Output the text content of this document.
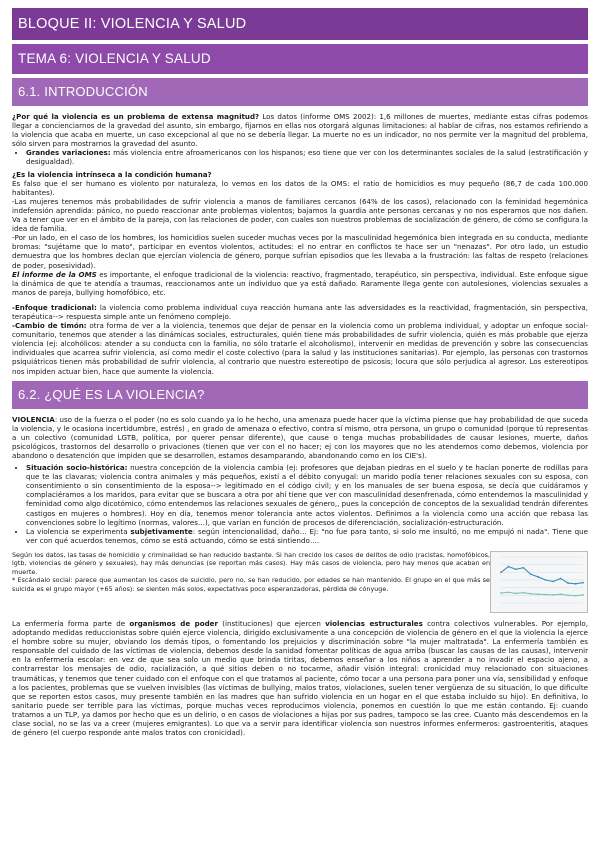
BLOQUE II: VIOLENCIA Y SALUD
TEMA 6: VIOLENCIA Y SALUD
6.1. INTRODUCCIÓN

¿Por qué la violencia es un problema de extensa magnitud? Los datos (informe OMS 2002): 1,6 millones de muertes, mediante estas cifras podemos llegar a concienciarnos de la gravedad del asunto, sin embargo, fijarnos en ellas nos otorgará algunas limitaciones: al hablar de cifras, nos estamos refiriendo a la violencia que acaba en muerte, un caso excepcional al que no se debería llegar. La muerte no es un indicador, no nos permite ver la magnitud del problema, sólo sirven para mostrarnos la gravedad del asunto.

• Grandes variaciones: más violencia entre afroamericanos con los hispanos; eso tiene que ver con los determinantes sociales de la salud (estratificación y desigualdad).

¿Es la violencia intrínseca a la condición humana?

Es falso que el ser humano es violento por naturaleza, lo vemos en los datos de la OMS: el ratio de homicidios es muy pequeño (86,7 de cada 100.000 habitantes).

-Las mujeres tenemos más probabilidades de sufrir violencia a manos de familiares cercanos (64% de los casos), relacionado con la feminidad hegemónica indefensión aprendida: pánico, no puedo reaccionar ante problemas violentos; bajamos la guardia ante personas cercanas y no nos esperamos que nos dañen. Va a tener que ver en el ámbito de la pareja, con las relaciones de poder, con cuales son nuestros problemas de socialización de género, de cómo se configura la idea de familia.

-Por un lado, en el caso de los hombres, los homicidios suelen suceder muchas veces por la masculinidad hegemónica bien integrada en su conducta, mediante bromas: "sujétame que lo mato", participar en eventos violentos, actitudes: el no entrar en conflictos te hace ser un "nenazas". Por otro lado, un estudio demuestra que los hombres declan que ejercían violencia de género, porque sufrían episodios que les llevaba a la frustración: las faltas de respeto (relaciones de poder, posesividad).

El informe de la OMS es importante, el enfoque tradicional de la violencia: reactivo, fragmentado, terapéutico, sin perspectiva, individual. Este enfoque sigue la dinámica de que te atendía a traumas, reaccionamos ante un individuo que ya está dañado. Raramente llega gente con autolesiones, violencias sexuales a manos de pareja, bullying homofóbico, etc.

-Enfoque tradicional: la violencia como problema individual cuya reacción humana ante las adversidades es la reactividad, fragmentación, sin perspectiva, terapéutica--> respuesta simple ante un fenómeno complejo.

-Cambio de timón: otra forma de ver a la violencia, tenemos que dejar de pensar en la violencia como un problema individual, y adoptar un enfoque social-comunitario, tenemos que atender a las dinámicas sociales, estructurales, quién tiene más probabilidades de sufrir violencia, quién es más probable que ejerza violencia (ej: alcohólicos: atender a su conducta con la familia, no sólo tratarle el alcoholismo), intervenir en medidas de prevención y sobre las consecuencias individuales que acarrea sufrir violencia, así como medir el coste colectivo (para la salud y las instituciones sanitarias). Por ejemplo, las personas con trastornos psiquiátricos tienen más probabilidad de sufrir violencia, al contrario que nuestro estereotipo de psicosis; locura que sólo perjudica al agresor. Los estereotipos nos impiden actuar bien, hace que aumente la violencia.

6.2. ¿QUÉ ES LA VIOLENCIA?

VIOLENCIA: uso de la fuerza o el poder (no es solo cuando ya lo he hecho, una amenaza puede hacer que la víctima piense que hay probabilidad de que suceda la violencia, y le ocasiona incertidumbre, estrés) , en grado de amenaza o efectivo, contra sí mismo, otra persona, un grupo o comunidad (porque tú representas a un colectivo (comunidad LGTB, política, por querer pensar diferente), que cause o tenga muchas probabilidades de causar lesiones, muerte, daños psicológicos, trastornos del desarrollo o privaciones (tienen que ver con el no hacer; ej con los mayores que no les atendemos como debemos, violencia por abandono o desatención que impiden que se desarrollen, estamos desamparando, abandonando como en los CIE's).

• Situación socio-histórica: nuestra concepción de la violencia cambia (ej: profesores que dejaban piedras en el suelo y te hacían ponerte de rodillas para que te las clavaras; violencia contra animales y más pequeños, existí a el débito conyugal: un marido podía tener relaciones sexuales con su esposa, con consentimiento o sin consentimiento de la esposa--> legitimado en el código civil; y en los manuales de ser buena esposa, se decía que cuidáramos y complaciéramos a los maridos, para evitar que se buscara a otra por ahí tiene que ver con masculinidad desenfrenada, cómo entendemos la masculinidad y feminidad como algo dicotómico, cómo entendemos las relaciones sexuales de género,, pues la concepción de conceptos de la sexualidad tendrán diferentes castigos en mujeres o hombres). Hoy en día, tenemos menor tolerancia ante actos violentos. Definimos a la violencia como una acción que rebasa las convenciones sobre lo legítimo (normas, valores…), que varían en función de procesos de diferenciación, socialización-estructuración.
• La violencia se experimenta subjetivamente: según intencionalidad, daño… Ej: "no fue para tanto, si solo me insultó, no me empujó ni nada". Tiene que ver con qué acuerdos tenemos, cómo se está actuando, cómo se está sintiendo….

Según los datos, las tasas de homicidio y criminalidad se han reducido bastante. Si han crecido los casos de delitos de odio (racistas, homofóbicos, lgtb, violencias de género y sexuales), hay más denuncias (se reportan más casos). Hay más casos de violencia, pero hay menos que acaban en muerte.

* Escándalo social: parece que aumentan los casos de suicidio, pero no, se han reducido, por edades se han mantenido. El grupo en el que más se suicida es el grupo mayor (+65 años): se sienten más solos, expectativas poco esperanzadoras, pérdida de cónyuge.

La enfermería forma parte de organismos de poder (instituciones) que ejercen violencias estructurales contra colectivos vulnerables. Por ejemplo, adoptando medidas reduccionistas sobre quién ejerce violencia, dirigido exclusivamente a una concepción de violencia de género en el que la violencia la ejerce el hombre sobre su mujer, obviando los demás tipos, o fomentando los prejuicios y discriminación sobre "la mujer maltratada". La enfermería también es responsable del cuidado de las víctimas de violencia, debemos desde la sanidad fomentar políticas de agua arriba (buscar las causas de las causas), intervenir en la enfermería escolar: en vez de que sea solo un medio que brinda tiritas, debemos enseñar a los niños a aprender a no invadir el espacio ajeno, a contrarrestar los mensajes de odio, racialización, a qué sitios deben o no tocarme, añadir visión integral: cronicidad muy relacionado con situaciones traumáticas, y tenemos que tener cuidado con el enfoque con el que tratamos al paciente, cómo tocar a una persona para poner una vía, sensibilidad y enfoque a los pacientes, problemas que se vuelven invisibles (las víctimas de bullying, malos tratos, violaciones, suelen tener vergüenza de su situación, lo que dificulte que se reporten estos casos, muy presente también en las madres que han sufrido violencia en un hogar en el que estaba incluido su hijo). En definitiva, lo sanitario puede ser terrible para las víctimas, porque muchas veces reproducimos violencia, ponemos en cuestión lo que me están contando. Ej: cuando tratamos a un TLP, ya damos por hecho que es un delirio, o en casos de violaciones a hijas por sus padres, tampoco se las cree. Cuanto más descendemos en la clase social, no se las va a creer (mujeres emigrantes). Lo que va a servir para identificar violencia son nuestros informes enfermeros: gastroenteritis, ataques de género (el cuerpo responde ante malos tratos con cronicidad).
